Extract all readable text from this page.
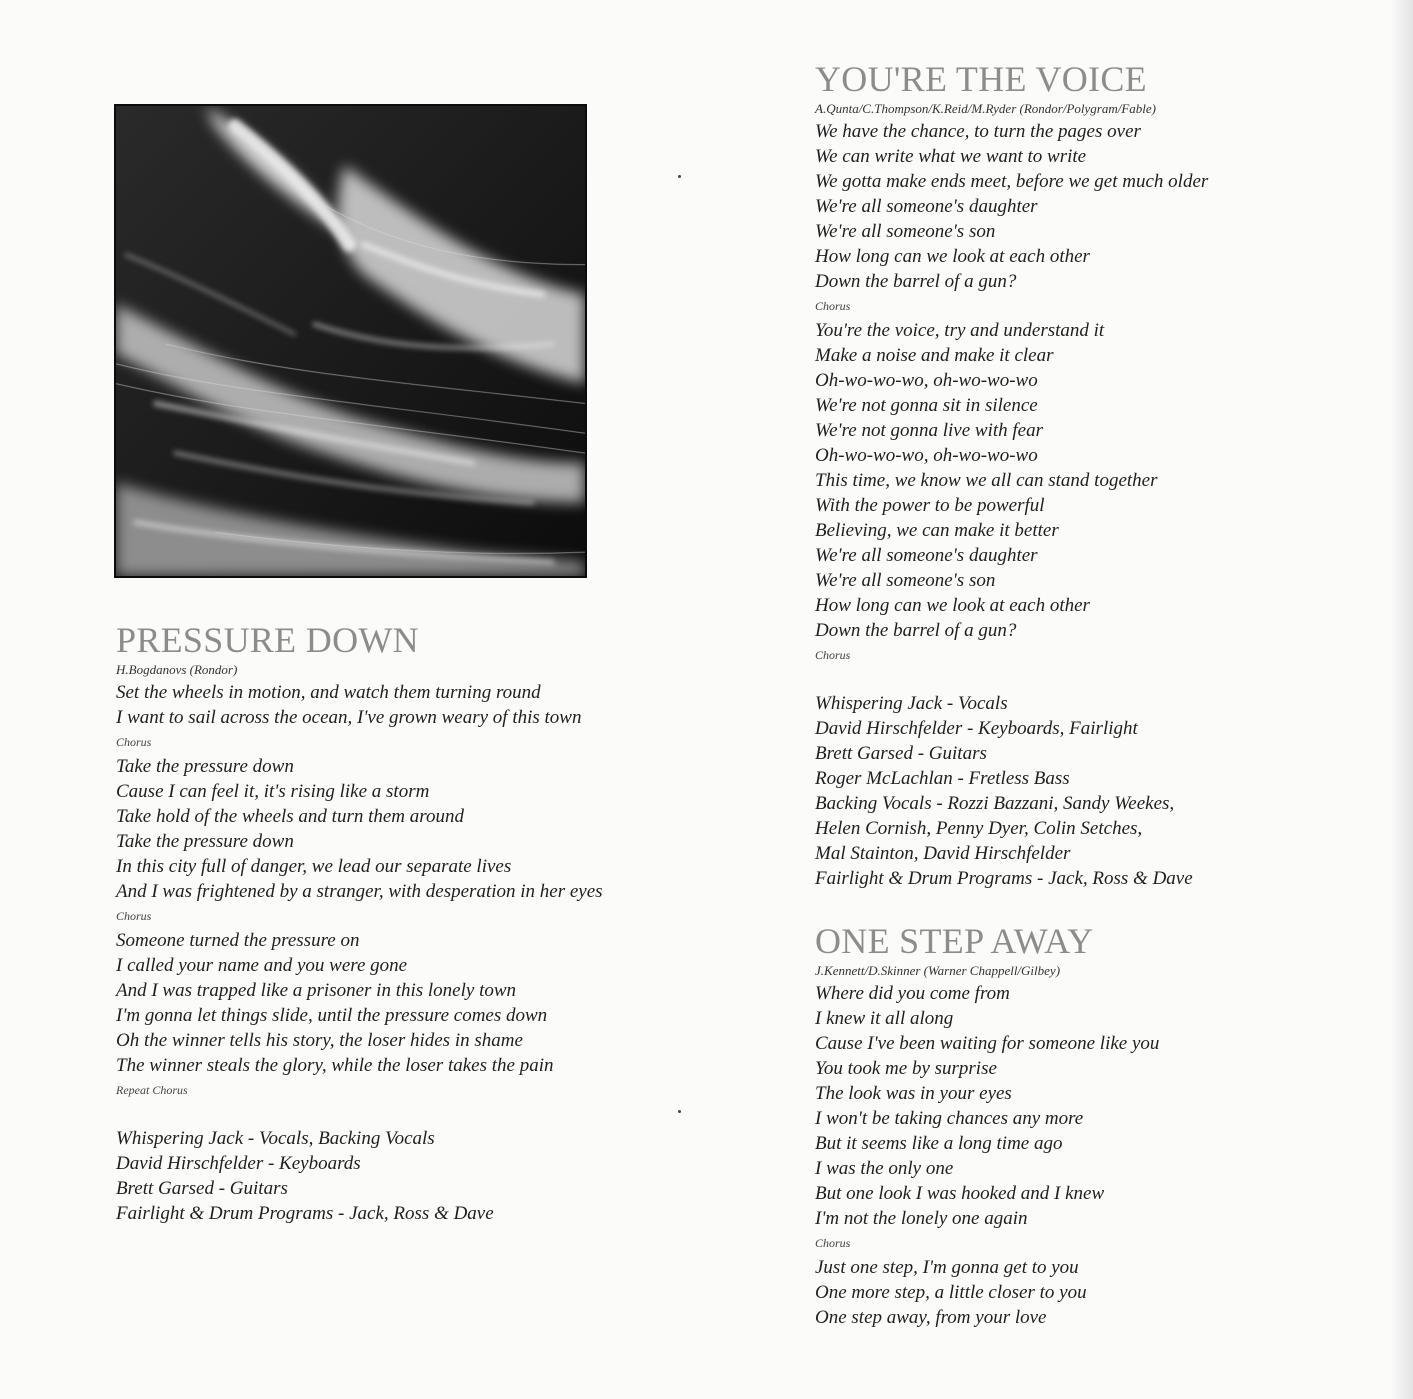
PRESSURE DOWN

H.Bogdanovs (Rondor)

Set the wheels in motion, and watch them turning round

I want to sail across the ocean, I've grown weary of this town

Chorus

Take the pressure down

Cause I can feel it, it's rising like a storm

Take hold of the wheels and turn them around

Take the pressure down

In this city full of danger, we lead our separate lives

And I was frightened by a stranger, with desperation in her eyes

Chorus

Someone turned the pressure on

I called your name and you were gone

And I was trapped like a prisoner in this lonely town

I'm gonna let things slide, until the pressure comes down

Oh the winner tells his story, the loser hides in shame

The winner steals the glory, while the loser takes the pain

Repeat Chorus

Whispering Jack - Vocals, Backing Vocals

David Hirschfelder - Keyboards

Brett Garsed - Guitars

Fairlight & Drum Programs - Jack, Ross & Dave

YOU'RE THE VOICE

A.Qunta/C.Thompson/K.Reid/M.Ryder (Rondor/Polygram/Fable)

We have the chance, to turn the pages over

We can write what we want to write

We gotta make ends meet, before we get much older

We're all someone's daughter

We're all someone's son

How long can we look at each other

Down the barrel of a gun?

Chorus

You're the voice, try and understand it

Make a noise and make it clear

Oh-wo-wo-wo, oh-wo-wo-wo

We're not gonna sit in silence

We're not gonna live with fear

Oh-wo-wo-wo, oh-wo-wo-wo

This time, we know we all can stand together

With the power to be powerful

Believing, we can make it better

We're all someone's daughter

We're all someone's son

How long can we look at each other

Down the barrel of a gun?

Chorus

Whispering Jack - Vocals

David Hirschfelder - Keyboards, Fairlight

Brett Garsed - Guitars

Roger McLachlan - Fretless Bass

Backing Vocals - Rozzi Bazzani, Sandy Weekes,

Helen Cornish, Penny Dyer, Colin Setches,

Mal Stainton, David Hirschfelder

Fairlight & Drum Programs - Jack, Ross & Dave

ONE STEP AWAY

J.Kennett/D.Skinner (Warner Chappell/Gilbey)

Where did you come from

I knew it all along

Cause I've been waiting for someone like you

You took me by surprise

The look was in your eyes

I won't be taking chances any more

But it seems like a long time ago

I was the only one

But one look I was hooked and I knew

I'm not the lonely one again

Chorus

Just one step, I'm gonna get to you

One more step, a little closer to you

One step away, from your love
